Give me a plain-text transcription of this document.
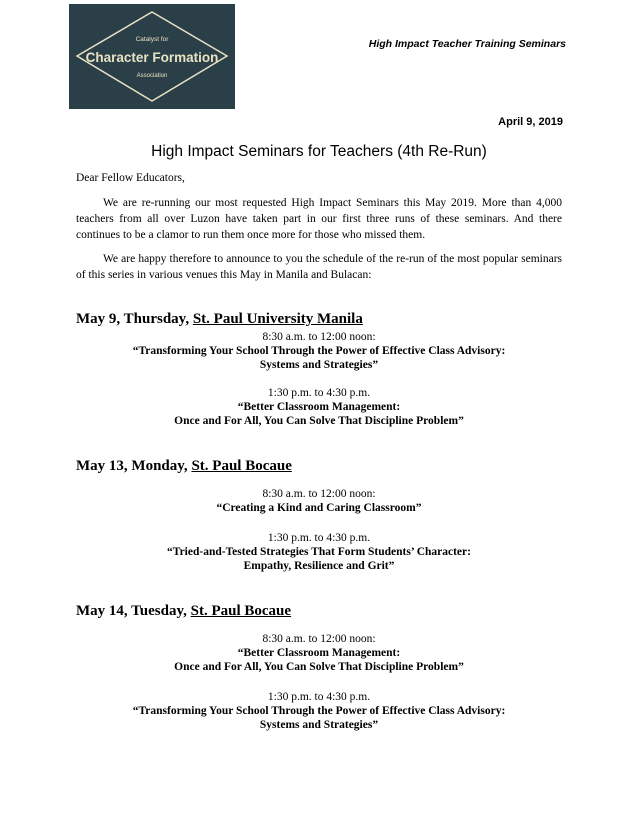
Catalyst for
Character Formation
Association
High Impact Teacher Training Seminars
April 9, 2019
High Impact Seminars for Teachers (4th Re-Run)
Dear Fellow Educators,

We are re-running our most requested High Impact Seminars this May 2019. More than 4,000 teachers from all over Luzon have taken part in our first three runs of these seminars. And there continues to be a clamor to run them once more for those who missed them.

We are happy therefore to announce to you the schedule of the re-run of the most popular seminars of this series in various venues this May in Manila and Bulacan:

May 9, Thursday, St. Paul University Manila
8:30 a.m. to 12:00 noon:
“Transforming Your School Through the Power of Effective Class Advisory:
Systems and Strategies”
1:30 p.m. to 4:30 p.m.
“Better Classroom Management:
Once and For All, You Can Solve That Discipline Problem”
May 13, Monday, St. Paul Bocaue
8:30 a.m. to 12:00 noon:
“Creating a Kind and Caring Classroom”
1:30 p.m. to 4:30 p.m.
“Tried-and-Tested Strategies That Form Students’ Character:
Empathy, Resilience and Grit”
May 14, Tuesday, St. Paul Bocaue
8:30 a.m. to 12:00 noon:
“Better Classroom Management:
Once and For All, You Can Solve That Discipline Problem”
1:30 p.m. to 4:30 p.m.
“Transforming Your School Through the Power of Effective Class Advisory:
Systems and Strategies”
